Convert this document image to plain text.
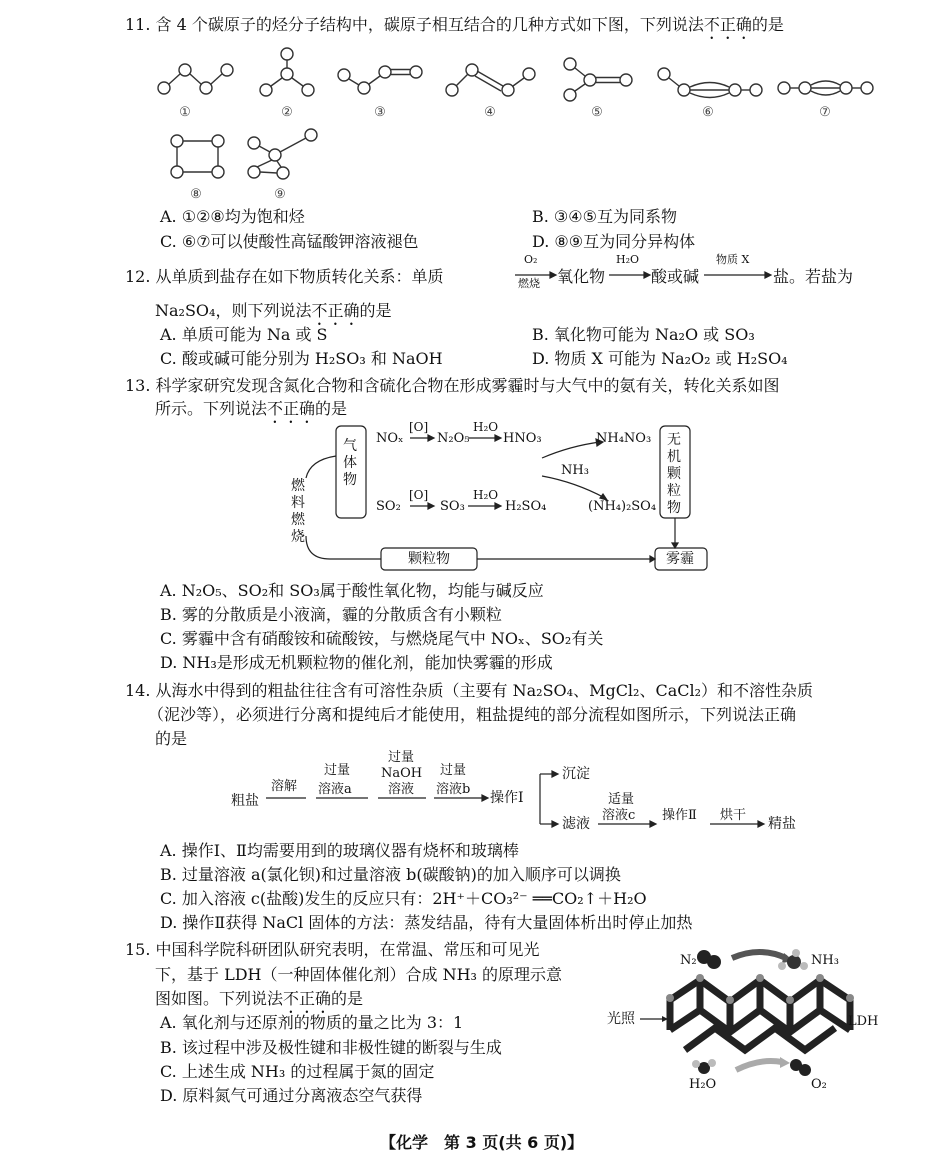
11. 含 4 个碳原子的烃分子结构中，碳原子相互结合的几种方式如下图，下列说法不正确的是
①	②	③	④	⑤	⑥	⑦
⑧	⑨
A. ①②⑧均为饱和烃	B. ③④⑤互为同系物
C. ⑥⑦可以使酸性高锰酸钾溶液褪色	D. ⑧⑨互为同分异构体
12. 从单质到盐存在如下物质转化关系：单质
O₂
燃烧 氧化物
H₂O
酸或碱
物质 X
盐。若盐为
Na₂SO₄，则下列说法不正确的是
A. 单质可能为 Na 或 S	B. 氧化物可能为 Na₂O 或 SO₃
C. 酸或碱可能分别为 H₂SO₃ 和 NaOH	D. 物质 X 可能为 Na₂O₂ 或 H₂SO₄
13. 科学家研究发现含氮化合物和含硫化合物在形成雾霾时与大气中的氨有关，转化关系如图
所示。下列说法不正确的是
燃料燃烧
气体物
无机颗粒物
颗粒物	雾霾
NOₓ
[O]
N₂O₅
H₂O
HNO₃	NH₄NO₃
NH₃
SO₂
[O]
SO₃
H₂O
H₂SO₄	(NH₄)₂SO₄
A. N₂O₅、SO₂和 SO₃属于酸性氧化物，均能与碱反应
B. 雾的分散质是小液滴，霾的分散质含有小颗粒
C. 雾霾中含有硝酸铵和硫酸铵，与燃烧尾气中 NOₓ、SO₂有关
D. NH₃是形成无机颗粒物的催化剂，能加快雾霾的形成
14. 从海水中得到的粗盐往往含有可溶性杂质（主要有 Na₂SO₄、MgCl₂、CaCl₂）和不溶性杂质
（泥沙等），必须进行分离和提纯后才能使用，粗盐提纯的部分流程如图所示，下列说法正确
的是
粗盐
溶解
过量
溶液a
过量
NaOH
溶液
过量
溶液b
操作Ⅰ
沉淀
滤液
适量
溶液c 操作Ⅱ 烘干
精盐
A. 操作Ⅰ、Ⅱ均需要用到的玻璃仪器有烧杯和玻璃棒
B. 过量溶液 a(氯化钡)和过量溶液 b(碳酸钠)的加入顺序可以调换
C. 加入溶液 c(盐酸)发生的反应只有：2H⁺＋CO₃²⁻ ══CO₂↑＋H₂O
D. 操作Ⅱ获得 NaCl 固体的方法：蒸发结晶，待有大量固体析出时停止加热
15. 中国科学院科研团队研究表明，在常温、常压和可见光
下，基于 LDH（一种固体催化剂）合成 NH₃ 的原理示意
图如图。下列说法不正确的是
A. 氧化剂与还原剂的物质的量之比为 3：1
B. 该过程中涉及极性键和非极性键的断裂与生成
C. 上述生成 NH₃ 的过程属于氮的固定
D. 原料氮气可通过分离液态空气获得
N₂	NH₃
光照	LDH
H₂O	O₂
【化学　第 3 页(共 6 页)】
